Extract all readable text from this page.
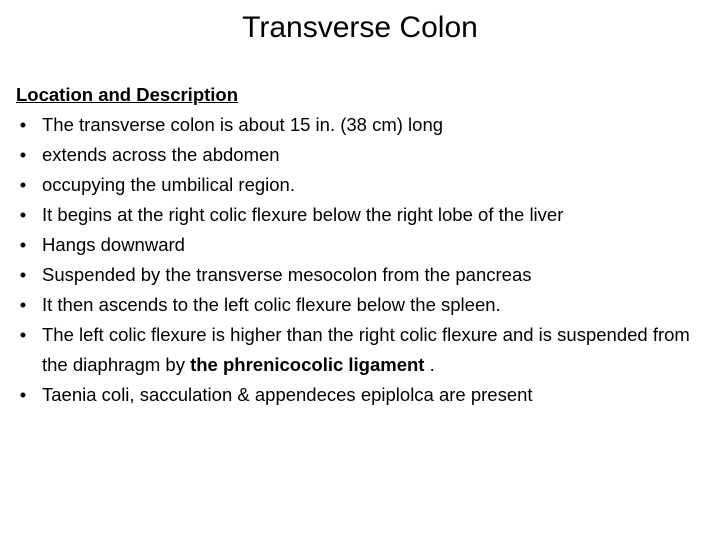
Transverse Colon
Location and Description
• The transverse colon is about 15 in. (38 cm) long
• extends across the abdomen
• occupying the umbilical region.
• It begins at the right colic flexure below the right lobe of the liver
• Hangs downward
• Suspended by the transverse mesocolon from the pancreas
• It then ascends to the left colic flexure below the spleen.
• The left colic flexure is higher than the right colic flexure and is suspended from the diaphragm by the phrenicocolic ligament .
• Taenia coli, sacculation & appendeces epiplolca are present
